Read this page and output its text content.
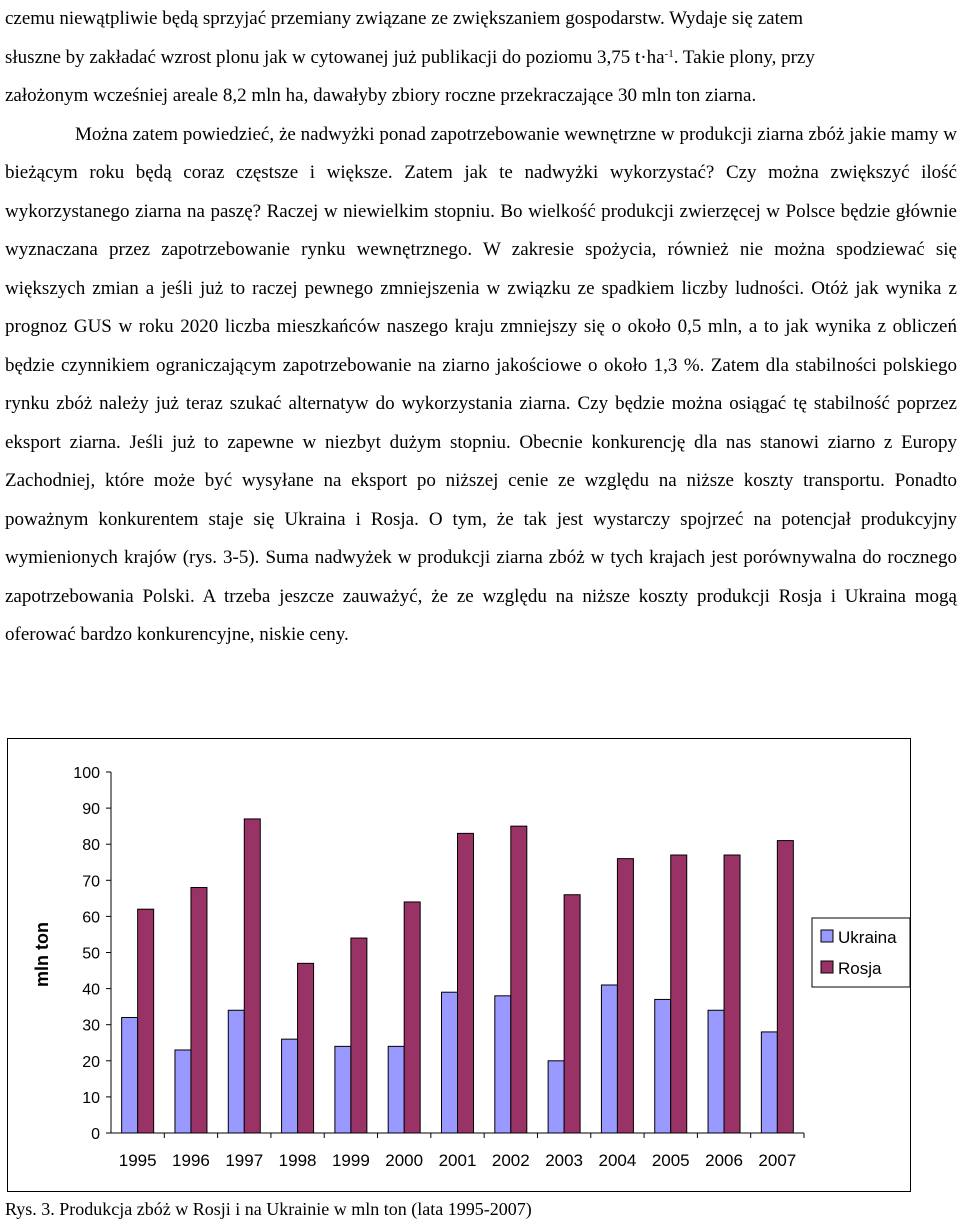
czemu niewątpliwie będą sprzyjać przemiany związane ze zwiększaniem gospodarstw. Wydaje się zatem
słuszne by zakładać wzrost plonu jak w cytowanej już publikacji do poziomu 3,75 $t\cdot ha^{-1}$. Takie plony, przy
założonym wcześniej areale 8,2 mln ha, dawałyby zbiory roczne przekraczające 30 mln ton ziarna.

Można zatem powiedzieć, że nadwyżki ponad zapotrzebowanie wewnętrzne w produkcji ziarna zbóż jakie mamy w bieżącym roku będą coraz częstsze i większe. Zatem jak te nadwyżki wykorzystać? Czy można zwiększyć ilość wykorzystanego ziarna na paszę? Raczej w niewielkim stopniu. Bo wielkość produkcji zwierzęcej w Polsce będzie głównie wyznaczana przez zapotrzebowanie rynku wewnętrznego. W zakresie spożycia, również nie można spodziewać się większych zmian a jeśli już to raczej pewnego zmniejszenia w związku ze spadkiem liczby ludności. Otóż jak wynika z prognoz GUS w roku 2020 liczba mieszkańców naszego kraju zmniejszy się o około 0,5 mln, a to jak wynika z obliczeń będzie czynnikiem ograniczającym zapotrzebowanie na ziarno jakościowe o około 1,3 %. Zatem dla stabilności polskiego rynku zbóż należy już teraz szukać alternatyw do wykorzystania ziarna. Czy będzie można osiągać tę stabilność poprzez eksport ziarna. Jeśli już to zapewne w niezbyt dużym stopniu. Obecnie konkurencję dla nas stanowi ziarno z Europy Zachodniej, które może być wysyłane na eksport po niższej cenie ze względu na niższe koszty transportu. Ponadto poważnym konkurentem staje się Ukraina i Rosja. O tym, że tak jest wystarczy spojrzeć na potencjał produkcyjny wymienionych krajów (rys. 3-5). Suma nadwyżek w produkcji ziarna zbóż w tych krajach jest porównywalna do rocznego zapotrzebowania Polski. A trzeba jeszcze zauważyć, że ze względu na niższe koszty produkcji Rosja i Ukraina mogą oferować bardzo konkurencyjne, niskie ceny.

0
10
20
30
40
50
60
70
80
90
100
1995 1996 1997 1998 1999 2000 2001 2002 2003 2004 2005 2006 2007
mln ton	Ukraina
Rosja
Rys. 3. Produkcja zbóż w Rosji i na Ukrainie w mln ton (lata 1995-2007)
